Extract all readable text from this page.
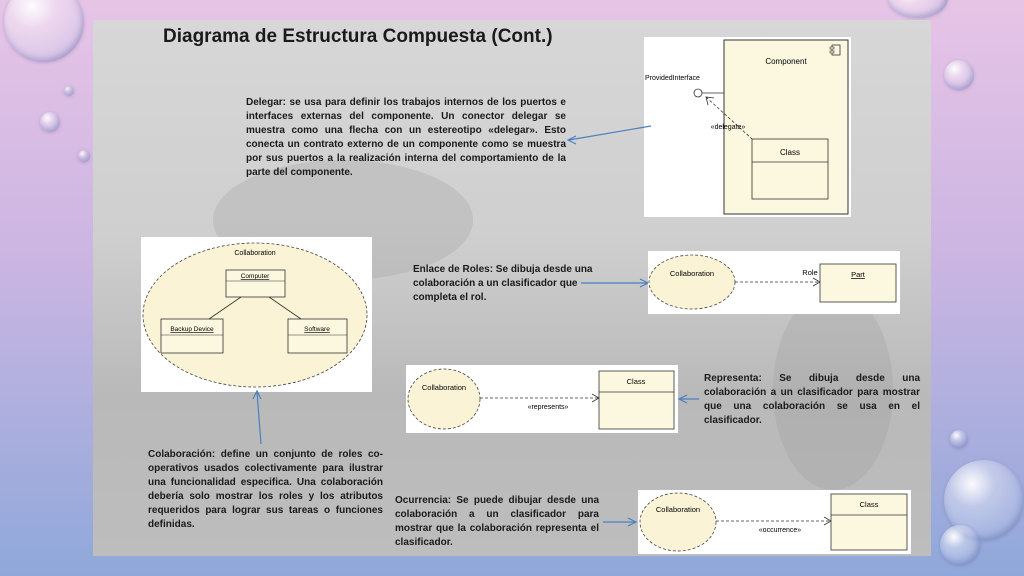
Diagrama de Estructura Compuesta (Cont.)
Delegar: se usa para definir los trabajos internos de los puertos e interfaces externas del componente. Un conector delegar se muestra como una flecha con un estereotipo «delegar». Esto conecta un contrato externo de un componente como se muestra por sus puertos a la realización interna del comportamiento de la parte del componente.
Component
ProvidedInterface
«delegate»
Class
Collaboration
Computer
Backup Device	Software
Colaboración: define un conjunto de roles co-operativos usados colectivamente para ilustrar una funcionalidad especifica. Una colaboración debería solo mostrar los roles y los atributos requeridos para lograr sus tareas o funciones definidas.
Enlace de Roles: Se dibuja desde una colaboración a un clasificador que completa el rol.
Collaboration	Role	Part
Collaboration
«represents»
Class	Representa: Se dibuja desde una colaboración a un clasificador para mostrar que una colaboración se usa en el clasificador.
Ocurrencia: Se puede dibujar desde una colaboración a un clasificador para mostrar que la colaboración representa el clasificador.
Collaboration
«occurrence»
Class
